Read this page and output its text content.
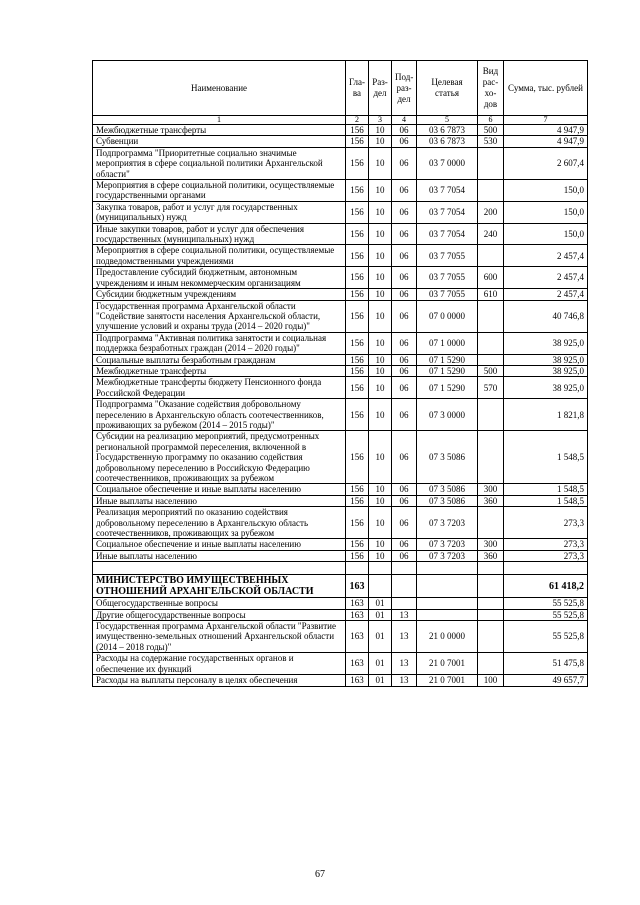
Наименование	Гла-ва	Раз-дел	Под-раз-дел	Целевая статья	Вид рас-хо-дов	Сумма, тыс. рублей
1	2	3	4	5	6	7
Межбюджетные трансферты	156	10	06	03 6 7873	500	4 947,9
Субвенции	156	10	06	03 6 7873	530	4 947,9
Подпрограмма "Приоритетные социально значимые мероприятия в сфере социальной политики Архангельской области"	156	10	06	03 7 0000		2 607,4
Мероприятия в сфере социальной политики, осуществляемые государственными органами	156	10	06	03 7 7054		150,0
Закупка товаров, работ и услуг для государственных (муниципальных) нужд	156	10	06	03 7 7054	200	150,0
Иные закупки товаров, работ и услуг для обеспечения государственных (муниципальных) нужд	156	10	06	03 7 7054	240	150,0
Мероприятия в сфере социальной политики, осуществляемые подведомственными учреждениями	156	10	06	03 7 7055		2 457,4
Предоставление субсидий бюджетным, автономным учреждениям и иным некоммерческим организациям	156	10	06	03 7 7055	600	2 457,4
Субсидии бюджетным учреждениям	156	10	06	03 7 7055	610	2 457,4
Государственная программа Архангельской области "Содействие занятости населения Архангельской области, улучшение условий и охраны труда (2014 – 2020 годы)"	156	10	06	07 0 0000		40 746,8
Подпрограмма "Активная политика занятости и социальная поддержка безработных граждан (2014 – 2020 годы)"	156	10	06	07 1 0000		38 925,0
Социальные выплаты безработным гражданам	156	10	06	07 1 5290		38 925,0
Межбюджетные трансферты	156	10	06	07 1 5290	500	38 925,0
Межбюджетные трансферты бюджету Пенсионного фонда Российской Федерации	156	10	06	07 1 5290	570	38 925,0
Подпрограмма "Оказание содействия добровольному переселению в Архангельскую область соотечественников, проживающих за рубежом (2014 – 2015 годы)"	156	10	06	07 3 0000		1 821,8
Субсидии на реализацию мероприятий, предусмотренных региональной программой переселения, включенной в Государственную программу по оказанию содействия добровольному переселению в Российскую Федерацию соотечественников, проживающих за рубежом	156	10	06	07 3 5086		1 548,5
Социальное обеспечение и иные выплаты населению	156	10	06	07 3 5086	300	1 548,5
Иные выплаты населению	156	10	06	07 3 5086	360	1 548,5
Реализация мероприятий по оказанию содействия добровольному переселению в Архангельскую область соотечественников, проживающих за рубежом	156	10	06	07 3 7203		273,3
Социальное обеспечение и иные выплаты населению	156	10	06	07 3 7203	300	273,3
Иные выплаты населению	156	10	06	07 3 7203	360	273,3

МИНИСТЕРСТВО ИМУЩЕСТВЕННЫХ ОТНОШЕНИЙ АРХАНГЕЛЬСКОЙ ОБЛАСТИ	163					61 418,2
Общегосударственные вопросы	163	01				55 525,8
Другие общегосударственные вопросы	163	01	13			55 525,8
Государственная программа Архангельской области "Развитие имущественно-земельных отношений Архангельской области (2014 – 2018 годы)"	163	01	13	21 0 0000		55 525,8
Расходы на содержание государственных органов и обеспечение их функций	163	01	13	21 0 7001		51 475,8
Расходы на выплаты персоналу в целях обеспечения	163	01	13	21 0 7001	100	49 657,7
67
